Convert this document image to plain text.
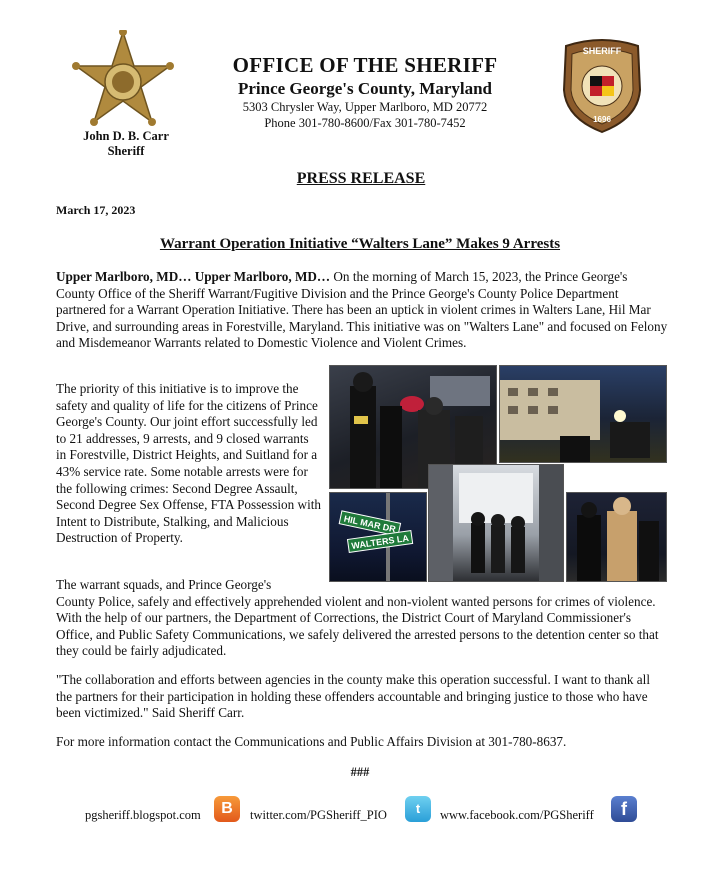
John D. B. Carr
Sheriff
OFFICE OF THE SHERIFF
Prince George's County, Maryland
5303 Chrysler Way, Upper Marlboro, MD 20772
Phone 301-780-8600/Fax 301-780-7452
SHERIFF
1696
PRESS RELEASE
March 17, 2023
Warrant Operation Initiative “Walters Lane” Makes 9 Arrests
Upper Marlboro, MD… Upper Marlboro, MD… On the morning of March 15, 2023, the Prince George's County Office of the Sheriff Warrant/Fugitive Division and the Prince George's County Police Department partnered for a Warrant Operation Initiative. There has been an uptick in violent crimes in Walters Lane, Hil Mar Drive, and surrounding areas in Forestville, Maryland. This initiative was on "Walters Lane" and focused on Felony and Misdemeanor Warrants related to Domestic Violence and Violent Crimes.
The priority of this initiative is to improve the safety and quality of life for the citizens of Prince George's County. Our joint effort successfully led to 21 addresses, 9 arrests, and 9 closed warrants in Forestville, District Heights, and Suitland for a 43% service rate. Some notable arrests were for the following crimes: Second Degree Assault, Second Degree Sex Offense, FTA Possession with Intent to Distribute, Stalking, and Malicious Destruction of Property.
HIL MAR DR
WALTERS LA
The warrant squads, and Prince George's
County Police, safely and effectively apprehended violent and non-violent wanted persons for crimes of violence. With the help of our partners, the Department of Corrections, the District Court of Maryland Commissioner's Office, and Public Safety Communications, we safely delivered the arrested persons to the detention center so that they could be fairly adjudicated.
"The collaboration and efforts between agencies in the county make this operation successful. I want to thank all the partners for their participation in holding these offenders accountable and bringing justice to those who have been victimized." Said Sheriff Carr.
For more information contact the Communications and Public Affairs Division at 301-780-8637.
###
pgsheriff.blogspot.com	B	twitter.com/PGSheriff_PIO	t	www.facebook.com/PGSheriff	f
